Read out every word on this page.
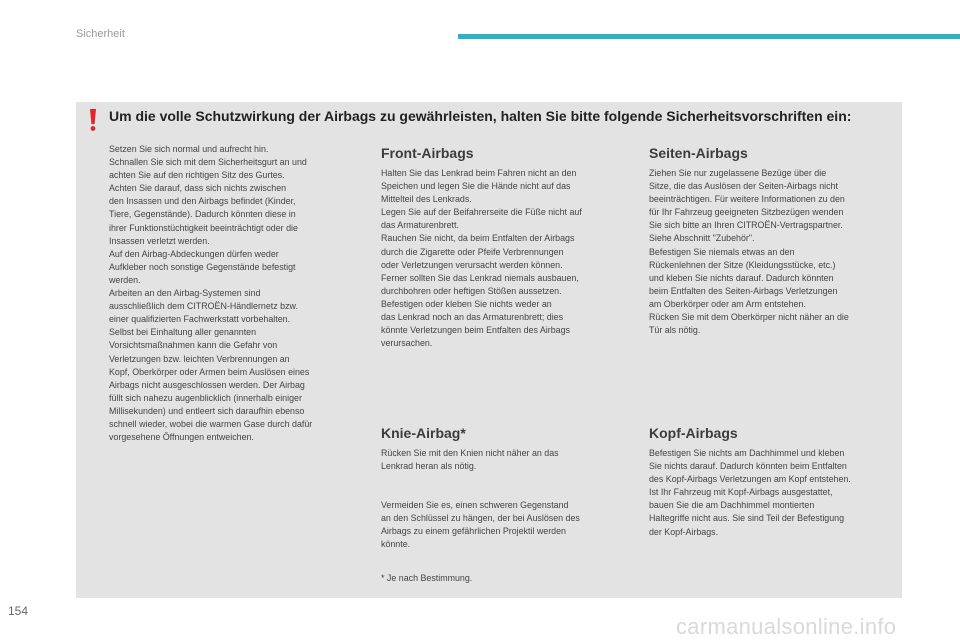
Sicherheit
Um die volle Schutzwirkung der Airbags zu gewährleisten, halten Sie bitte folgende Sicherheitsvorschriften ein:

Setzen Sie sich normal und aufrecht hin.
Schnallen Sie sich mit dem Sicherheitsgurt an und
achten Sie auf den richtigen Sitz des Gurtes.
Achten Sie darauf, dass sich nichts zwischen
den Insassen und den Airbags befindet (Kinder,
Tiere, Gegenstände). Dadurch könnten diese in
ihrer Funktionstüchtigkeit beeinträchtigt oder die
Insassen verletzt werden.
Auf den Airbag-Abdeckungen dürfen weder
Aufkleber noch sonstige Gegenstände befestigt
werden.
Arbeiten an den Airbag-Systemen sind
ausschließlich dem CITROËN-Händlernetz bzw.
einer qualifizierten Fachwerkstatt vorbehalten.
Selbst bei Einhaltung aller genannten
Vorsichtsmaßnahmen kann die Gefahr von
Verletzungen bzw. leichten Verbrennungen an
Kopf, Oberkörper oder Armen beim Auslösen eines
Airbags nicht ausgeschlossen werden. Der Airbag
füllt sich nahezu augenblicklich (innerhalb einiger
Millisekunden) und entleert sich daraufhin ebenso
schnell wieder, wobei die warmen Gase durch dafür
vorgesehene Öffnungen entweichen.

Front-Airbags

Halten Sie das Lenkrad beim Fahren nicht an den
Speichen und legen Sie die Hände nicht auf das
Mittelteil des Lenkrads.
Legen Sie auf der Beifahrerseite die Füße nicht auf
das Armaturenbrett.
Rauchen Sie nicht, da beim Entfalten der Airbags
durch die Zigarette oder Pfeife Verbrennungen
oder Verletzungen verursacht werden können.
Ferner sollten Sie das Lenkrad niemals ausbauen,
durchbohren oder heftigen Stößen aussetzen.
Befestigen oder kleben Sie nichts weder an
das Lenkrad noch an das Armaturenbrett; dies
könnte Verletzungen beim Entfalten des Airbags
verursachen.

Seiten-Airbags

Ziehen Sie nur zugelassene Bezüge über die
Sitze, die das Auslösen der Seiten-Airbags nicht
beeinträchtigen. Für weitere Informationen zu den
für Ihr Fahrzeug geeigneten Sitzbezügen wenden
Sie sich bitte an Ihren CITROËN-Vertragspartner.
Siehe Abschnitt "Zubehör".
Befestigen Sie niemals etwas an den
Rückenlehnen der Sitze (Kleidungsstücke, etc.)
und kleben Sie nichts darauf. Dadurch könnten
beim Entfalten des Seiten-Airbags Verletzungen
am Oberkörper oder am Arm entstehen.
Rücken Sie mit dem Oberkörper nicht näher an die
Tür als nötig.

Knie-Airbag*

Rücken Sie mit den Knien nicht näher an das
Lenkrad heran als nötig.

Vermeiden Sie es, einen schweren Gegenstand
an den Schlüssel zu hängen, der bei Auslösen des
Airbags zu einem gefährlichen Projektil werden
könnte.

* Je nach Bestimmung.

Kopf-Airbags

Befestigen Sie nichts am Dachhimmel und kleben
Sie nichts darauf. Dadurch könnten beim Entfalten
des Kopf-Airbags Verletzungen am Kopf entstehen.
Ist Ihr Fahrzeug mit Kopf-Airbags ausgestattet,
bauen Sie die am Dachhimmel montierten
Haltegriffe nicht aus. Sie sind Teil der Befestigung
der Kopf-Airbags.

154
carmanualsonline.info
